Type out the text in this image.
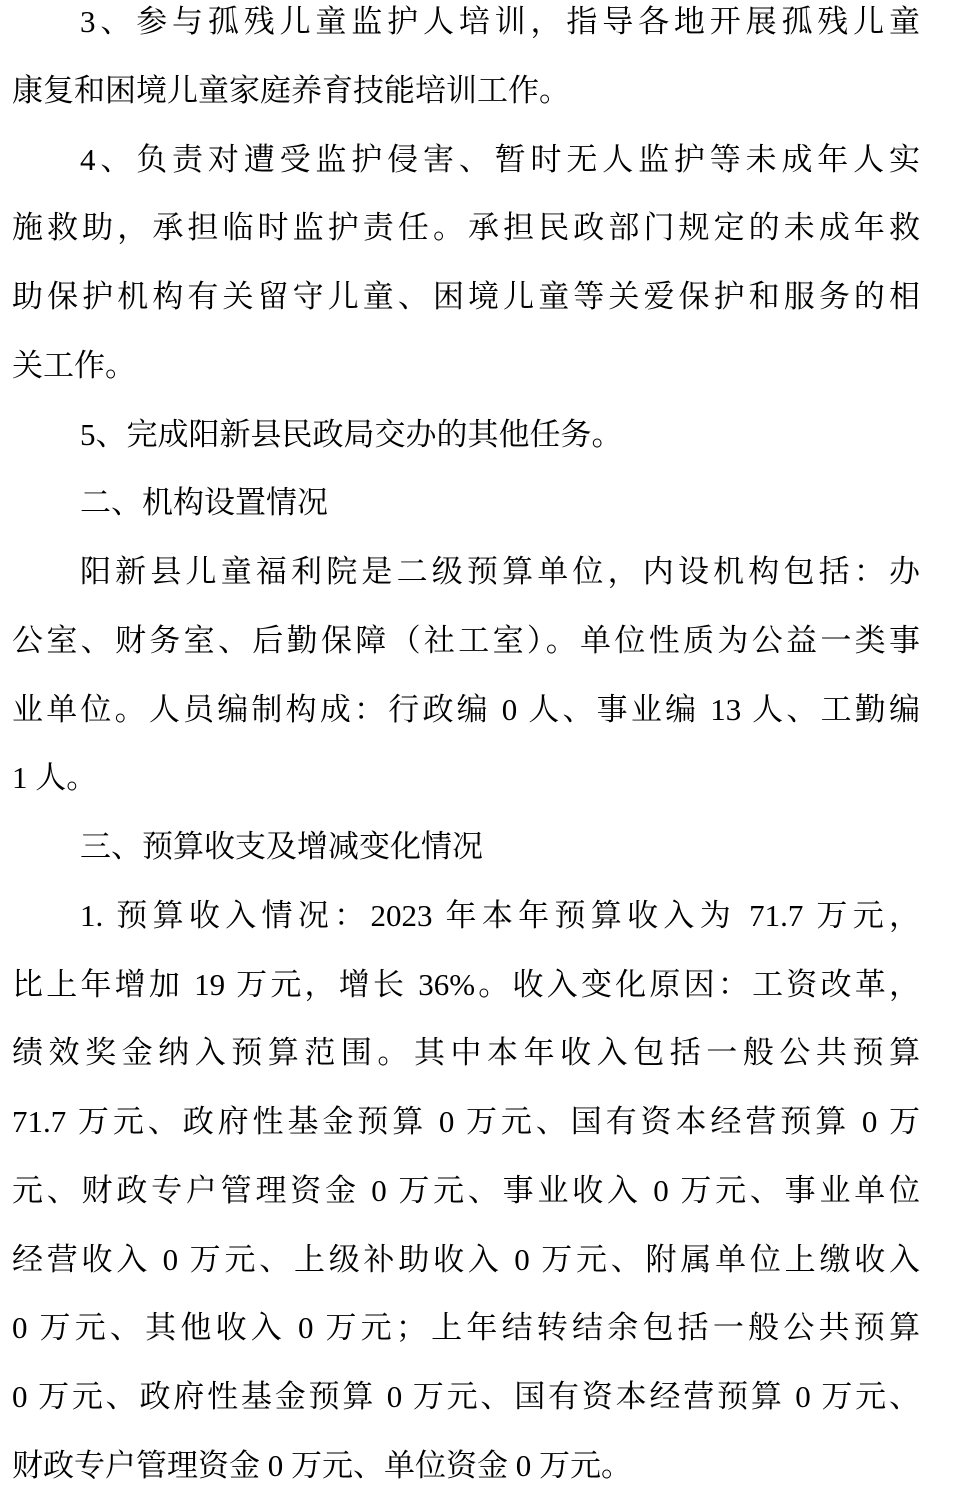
3、参与孤残儿童监护人培训，指导各地开展孤残儿童
康复和困境儿童家庭养育技能培训工作。
4、负责对遭受监护侵害、暂时无人监护等未成年人实
施救助，承担临时监护责任。承担民政部门规定的未成年救
助保护机构有关留守儿童、困境儿童等关爱保护和服务的相
关工作。
5、完成阳新县民政局交办的其他任务。
二、机构设置情况
阳新县儿童福利院是二级预算单位，内设机构包括：办
公室、财务室、后勤保障（社工室）。单位性质为公益一类事
业单位。人员编制构成：行政编 0 人、事业编 13 人、工勤编
1 人。
三、预算收支及增减变化情况
1. 预算收入情况：2023 年本年预算收入为 71.7 万元，
比上年增加 19 万元，增长 36%。收入变化原因：工资改革，
绩效奖金纳入预算范围。其中本年收入包括一般公共预算
71.7 万元、政府性基金预算 0 万元、国有资本经营预算 0 万
元、财政专户管理资金 0 万元、事业收入 0 万元、事业单位
经营收入 0 万元、上级补助收入 0 万元、附属单位上缴收入
0 万元、其他收入 0 万元；上年结转结余包括一般公共预算
0 万元、政府性基金预算 0 万元、国有资本经营预算 0 万元、
财政专户管理资金 0 万元、单位资金 0 万元。
